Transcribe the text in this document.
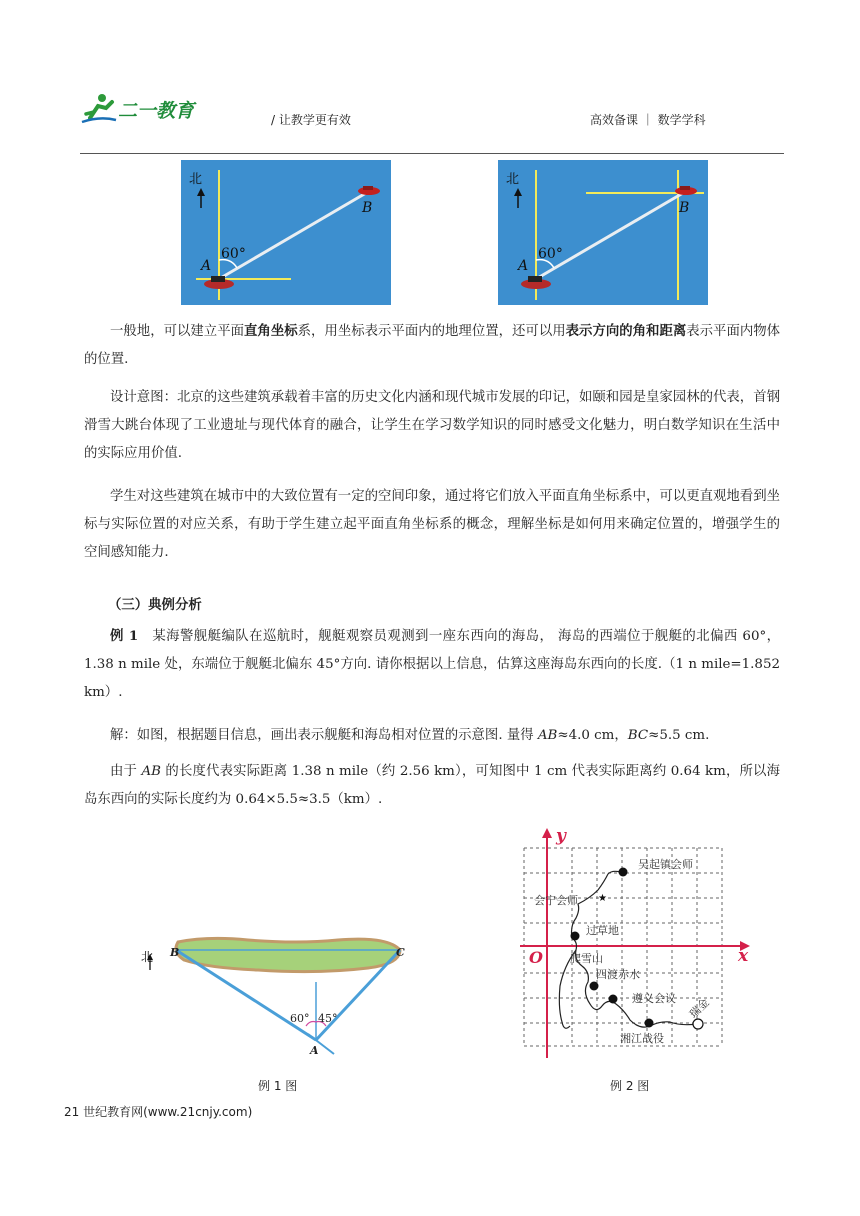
二一教育	/ 让教学更有效	高效备课 ｜ 数学学科
北
60°
A
B
北
60°
A
B
一般地，可以建立平面直角坐标系，用坐标表示平面内的地理位置，还可以用表示方向的角和距离表示平面内物体的位置.
设计意图：北京的这些建筑承载着丰富的历史文化内涵和现代城市发展的印记，如颐和园是皇家园林的代表，首钢滑雪大跳台体现了工业遗址与现代体育的融合，让学生在学习数学知识的同时感受文化魅力，明白数学知识在生活中的实际应用价值.
学生对这些建筑在城市中的大致位置有一定的空间印象，通过将它们放入平面直角坐标系中，可以更直观地看到坐标与实际位置的对应关系，有助于学生建立起平面直角坐标系的概念，理解坐标是如何用来确定位置的，增强学生的空间感知能力.
（三）典例分析
例 1 某海警舰艇编队在巡航时，舰艇观察员观测到一座东西向的海岛， 海岛的西端位于舰艇的北偏西 60°，1.38 n mile 处，东端位于舰艇北偏东 45°方向. 请你根据以上信息，估算这座海岛东西向的长度.（1 n mile=1.852 km）.
解：如图，根据题目信息，画出表示舰艇和海岛相对位置的示意图. 量得 AB≈4.0 cm，BC≈5.5 cm.
由于 AB 的长度代表实际距离 1.38 n mile（约 2.56 km），可知图中 1 cm 代表实际距离约 0.64 km，所以海岛东西向的实际长度约为 0.64×5.5≈3.5（km）.
北 B	C
A
60° 45°
例 1 图
★
y
x
O
吴起镇会师
会宁会师
过草地
爬雪山
四渡赤水
遵义会议 瑞金
湘江战役
例 2 图
21 世纪教育网(www.21cnjy.com)
